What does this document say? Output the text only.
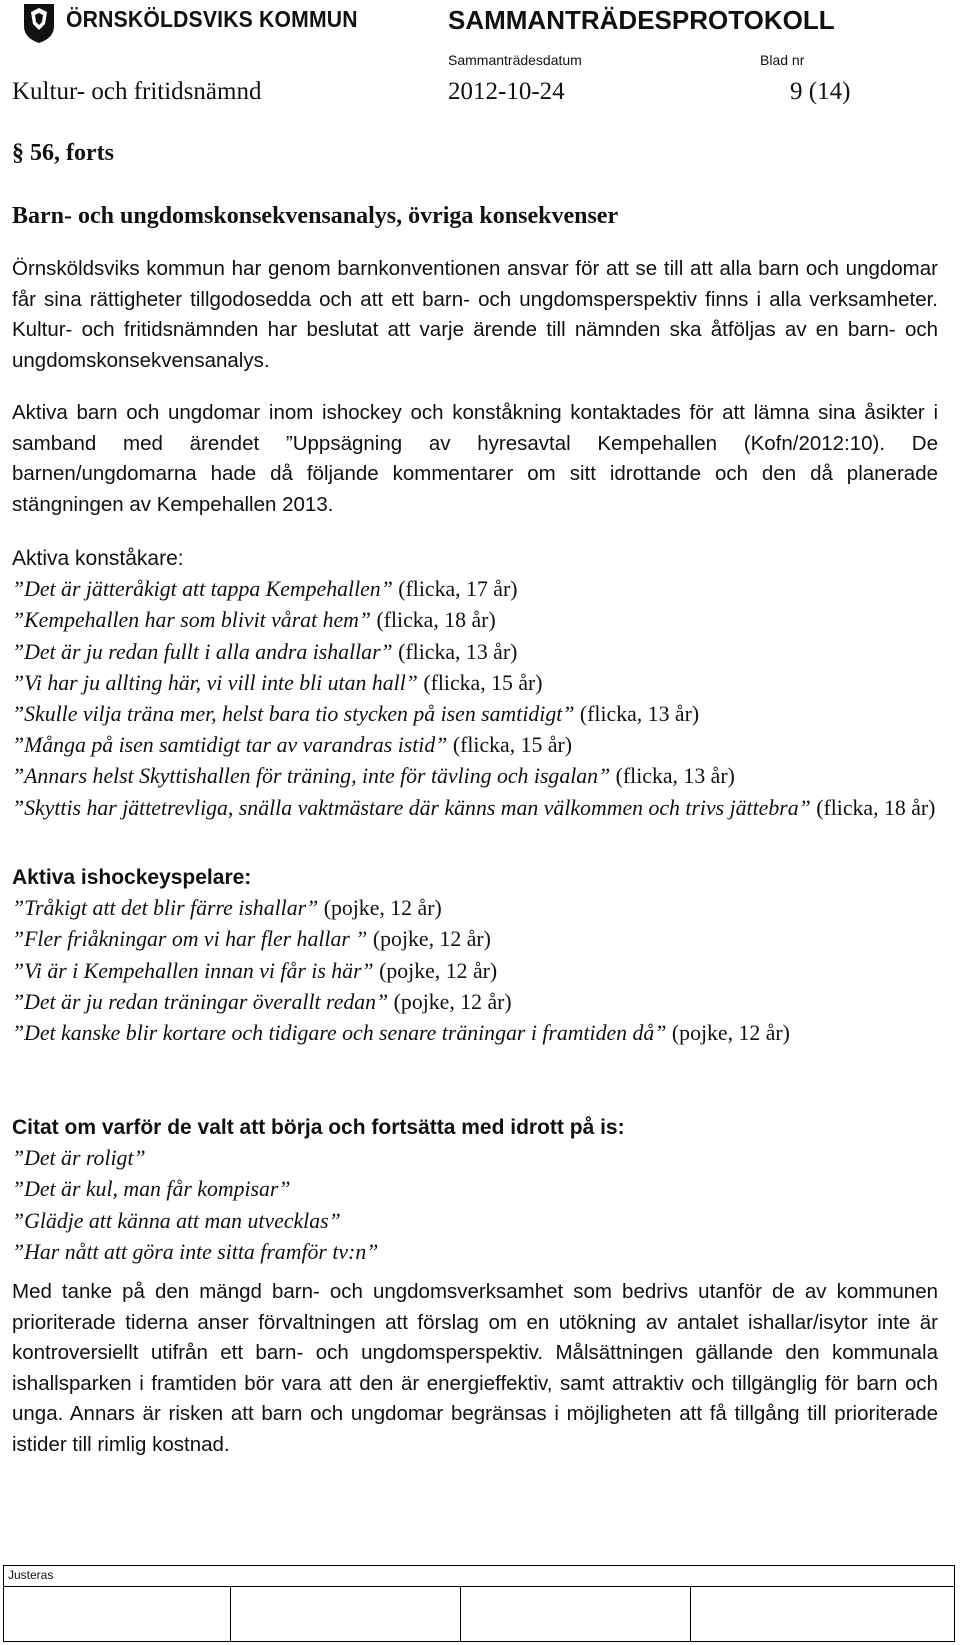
ÖRNSKÖLDSVIKS KOMMUN	SAMMANTRÄDESPROTOKOLL
Sammanträdesdatum	Blad nr
Kultur- och fritidsnämnd	2012-10-24	9 (14)
§ 56, forts
Barn- och ungdomskonsekvensanalys, övriga konsekvenser
Örnsköldsviks kommun har genom barnkonventionen ansvar för att se till att alla barn och ungdomar får sina rättigheter tillgodosedda och att ett barn- och ungdomsperspektiv finns i alla verksamheter. Kultur- och fritidsnämnden har beslutat att varje ärende till nämnden ska åtföljas av en barn- och ungdomskonsekvensanalys.
Aktiva barn och ungdomar inom ishockey och konståkning kontaktades för att lämna sina åsikter i samband med ärendet ”Uppsägning av hyresavtal Kempehallen (Kofn/2012:10). De barnen/ungdomarna hade då följande kommentarer om sitt idrottande och den då planerade stängningen av Kempehallen 2013.
Aktiva konståkare:
”Det är jätteråkigt att tappa Kempehallen” (flicka, 17 år)
”Kempehallen har som blivit vårat hem” (flicka, 18 år)
”Det är ju redan fullt i alla andra ishallar” (flicka, 13 år)
”Vi har ju allting här, vi vill inte bli utan hall” (flicka, 15 år)
”Skulle vilja träna mer, helst bara tio stycken på isen samtidigt” (flicka, 13 år)
”Många på isen samtidigt tar av varandras istid” (flicka, 15 år)
”Annars helst Skyttishallen för träning, inte för tävling och isgalan” (flicka, 13 år)
”Skyttis har jättetrevliga, snälla vaktmästare där känns man välkommen och trivs jättebra” (flicka, 18 år)
Aktiva ishockeyspelare:
”Tråkigt att det blir färre ishallar” (pojke, 12 år)
”Fler friåkningar om vi har fler hallar ” (pojke, 12 år)
”Vi är i Kempehallen innan vi får is här” (pojke, 12 år)
”Det är ju redan träningar överallt redan” (pojke, 12 år)
”Det kanske blir kortare och tidigare och senare träningar i framtiden då” (pojke, 12 år)
Citat om varför de valt att börja och fortsätta med idrott på is:
”Det är roligt”
”Det är kul, man får kompisar”
”Glädje att känna att man utvecklas”
”Har nått att göra inte sitta framför tv:n”
Med tanke på den mängd barn- och ungdomsverksamhet som bedrivs utanför de av kommunen prioriterade tiderna anser förvaltningen att förslag om en utökning av antalet ishallar/isytor inte är kontroversiellt utifrån ett barn- och ungdomsperspektiv. Målsättningen gällande den kommunala ishallsparken i framtiden bör vara att den är energieffektiv, samt attraktiv och tillgänglig för barn och unga. Annars är risken att barn och ungdomar begränsas i möjligheten att få tillgång till prioriterade istider till rimlig kostnad.
Justeras
